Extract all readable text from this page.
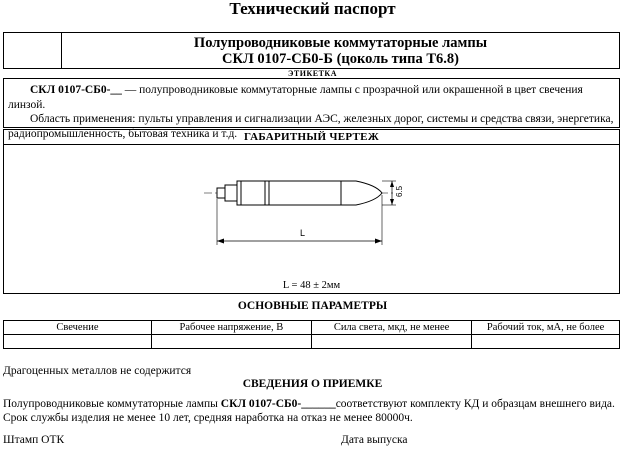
Технический паспорт
Полупроводниковые коммутаторные лампы
СКЛ 0107-СБ0-Б (цоколь типа Т6.8)
ЭТИКЕТКА

СКЛ 0107-СБ0-__ — полупроводниковые коммутаторные лампы с прозрачной или окрашенной в цвет свечения линзой.

Область применения: пульты управления и сигнализации АЭС, железных дорог, системы и средства связи, энергетика, радиопромышленность, бытовая техника и т.д. ГАБАРИТНЫЙ ЧЕРТЕЖ
L
6.5
L = 48 ± 2мм
ОСНОВНЫЕ ПАРАМЕТРЫ
Свечение	Рабочее напряжение, В	Сила света, мкд, не менее	Рабочий ток, мА, не более

Драгоценных металлов не содержится
СВЕДЕНИЯ О ПРИЕМКЕ
Полупроводниковые коммутаторные лампы СКЛ 0107-СБ0-______соответствуют комплекту КД и образцам внешнего вида.
Срок службы изделия не менее 10 лет, средняя наработка на отказ не менее 80000ч.
Штамп ОТК	Дата выпуска
